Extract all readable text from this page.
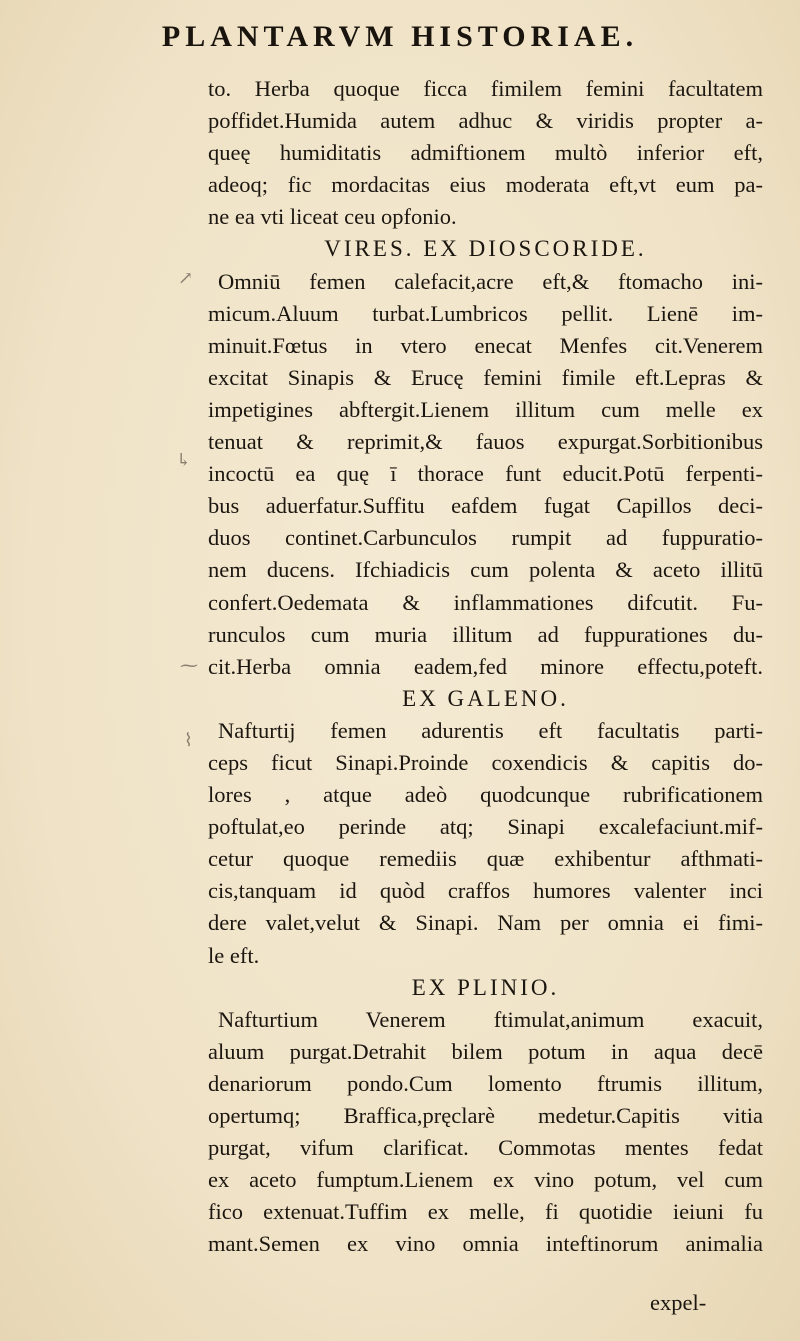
PLANTARVM HISTORIAE.
to. Herba quoque ficca fimilem femini facultatem
poffidet.Humida autem adhuc & viridis propter a-
queę humiditatis admiftionem multò inferior eft,
adeoq; fic mordacitas eius moderata eft,vt eum pa-
ne ea vti liceat ceu opfonio.
VIRES. EX DIOSCORIDE.
Omniū femen calefacit,acre eft,& ftomacho ini-
micum.Aluum turbat.Lumbricos pellit. Lienē im-
minuit.Fœtus in vtero enecat Menfes cit.Venerem
excitat Sinapis & Erucę femini fimile eft.Lepras &
impetigines abftergit.Lienem illitum cum melle ex
tenuat & reprimit,& fauos expurgat.Sorbitionibus
incoctū ea quę ī thorace funt educit.Potū ferpenti-
bus aduerfatur.Suffitu eafdem fugat Capillos deci-
duos continet.Carbunculos rumpit ad fuppuratio-
nem ducens. Ifchiadicis cum polenta & aceto illitū
confert.Oedemata & inflammationes difcutit. Fu-
runculos cum muria illitum ad fuppurationes du-
cit.Herba omnia eadem,fed minore effectu,poteft.
EX GALENO.
Nafturtij femen adurentis eft facultatis parti-
ceps ficut Sinapi.Proinde coxendicis & capitis do-
lores , atque adeò quodcunque rubrificationem
poftulat,eo perinde atq; Sinapi excalefaciunt.mif-
cetur quoque remediis quæ exhibentur afthmati-
cis,tanquam id quòd craffos humores valenter inci
dere valet,velut & Sinapi. Nam per omnia ei fimi-
le eft.
EX PLINIO.
Nafturtium Venerem ftimulat,animum exacuit,
aluum purgat.Detrahit bilem potum in aqua decē
denariorum pondo.Cum lomento ftrumis illitum,
opertumq; Braffica,pręclarè medetur.Capitis vitia
purgat, vifum clarificat. Commotas mentes fedat
ex aceto fumptum.Lienem ex vino potum, vel cum
fico extenuat.Tuffim ex melle, fi quotidie ieiuni fu
mant.Semen ex vino omnia inteftinorum animalia
expel-
↗
↳
⁓
⌇
